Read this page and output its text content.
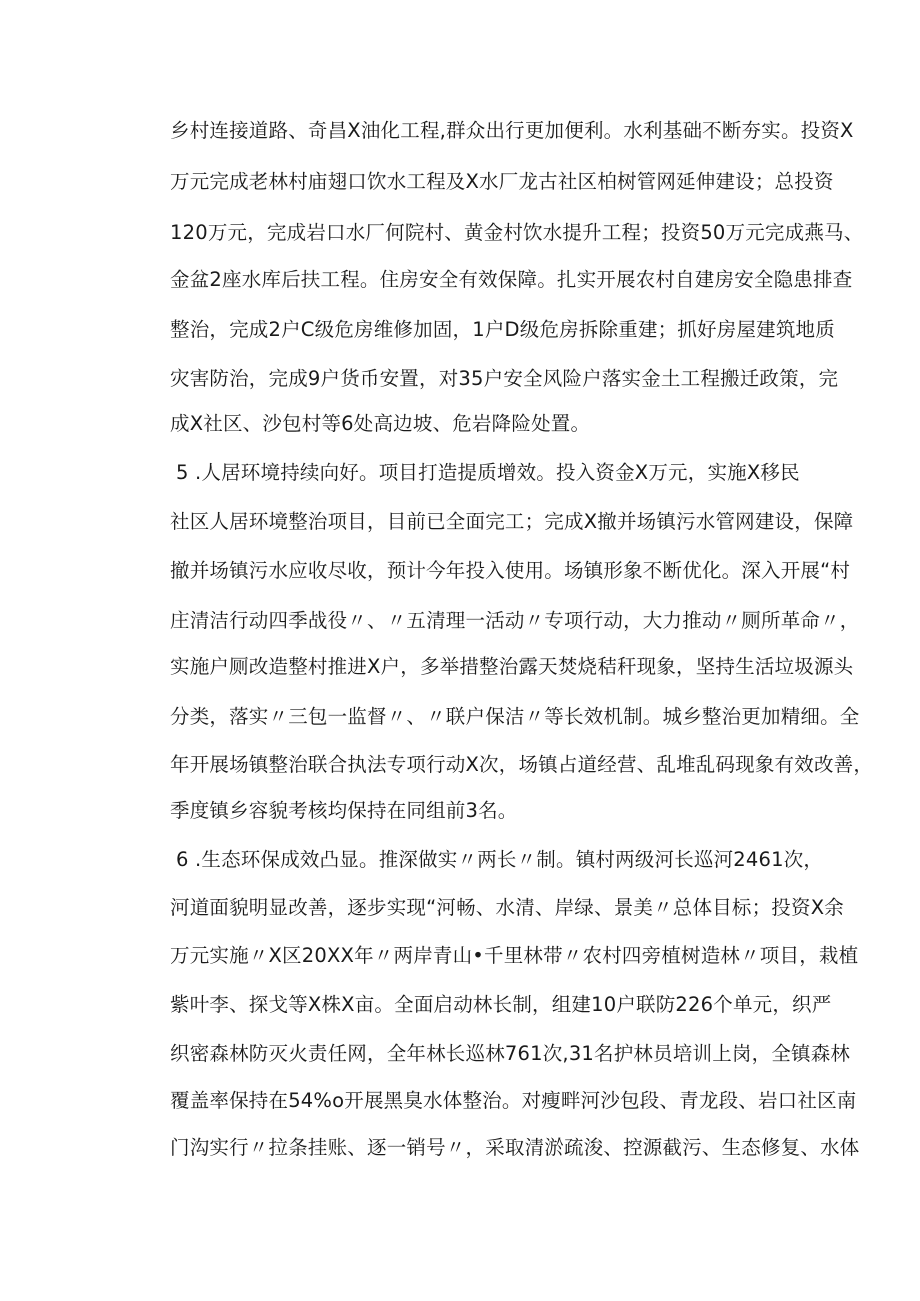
乡村连接道路、奇昌X油化工程,群众出行更加便利。水利基础不断夯实。投资X
万元完成老林村庙翅口饮水工程及X水厂龙古社区柏树管网延伸建设；总投资
120万元，完成岩口水厂何院村、黄金村饮水提升工程；投资50万元完成燕马、
金盆2座水库后扶工程。住房安全有效保障。扎实开展农村自建房安全隐患排查
整治，完成2户C级危房维修加固，1户D级危房拆除重建；抓好房屋建筑地质
灾害防治，完成9户货币安置，对35户安全风险户落实金土工程搬迁政策，完
成X社区、沙包村等6处高边坡、危岩降险处置。
5 .人居环境持续向好。项目打造提质增效。投入资金X万元，实施X移民
社区人居环境整治项目，目前已全面完工；完成X撤并场镇污水管网建设，保障
撤并场镇污水应收尽收，预计今年投入使用。场镇形象不断优化。深入开展“村
庄清洁行动四季战役〃、〃五清理一活动〃专项行动，大力推动〃厕所革命〃，
实施户厕改造整村推进X户，多举措整治露天焚烧秸秆现象，坚持生活垃圾源头
分类，落实〃三包一监督〃、〃联户保洁〃等长效机制。城乡整治更加精细。全
年开展场镇整治联合执法专项行动X次，场镇占道经营、乱堆乱码现象有效改善，
季度镇乡容貌考核均保持在同组前3名。
6 .生态环保成效凸显。推深做实〃两长〃制。镇村两级河长巡河2461次，
河道面貌明显改善，逐步实现“河畅、水清、岸绿、景美〃总体目标；投资X余
万元实施〃X区20XX年〃两岸青山•千里林带〃农村四旁植树造林〃项目，栽植
紫叶李、探戈等X株X亩。全面启动林长制，组建10户联防226个单元，织严
织密森林防灭火责任网，全年林长巡林761次,31名护林员培训上岗，全镇森林
覆盖率保持在54%o开展黑臭水体整治。对瘦畔河沙包段、青龙段、岩口社区南
门沟实行〃拉条挂账、逐一销号〃，采取清淤疏浚、控源截污、生态修复、水体
